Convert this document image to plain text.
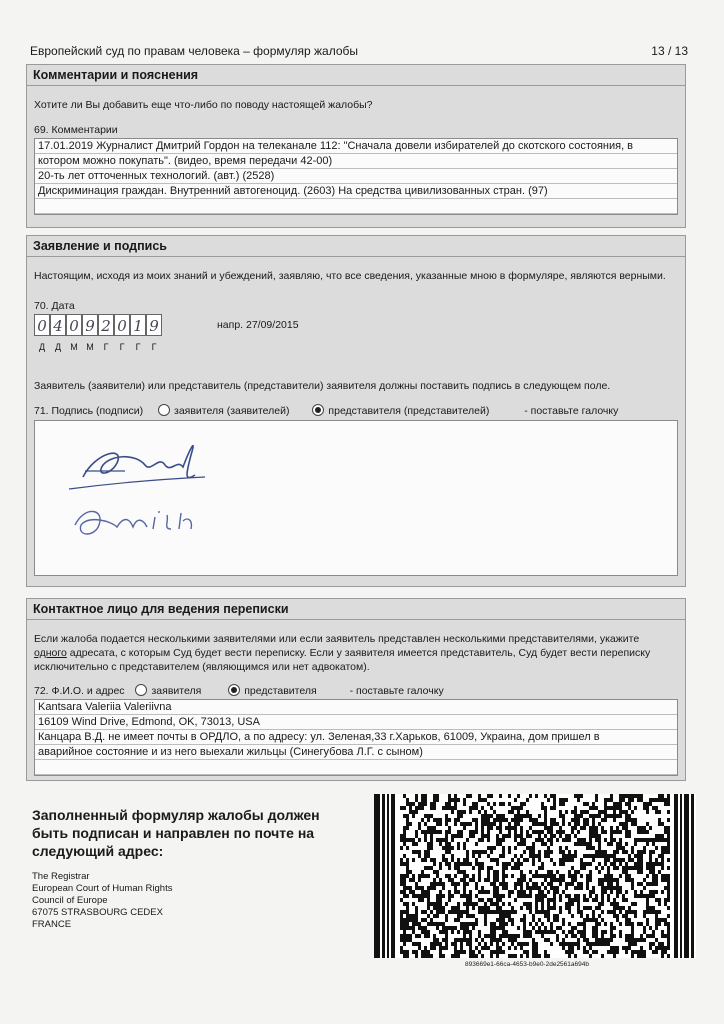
Европейский суд по правам человека – формуляр жалобы	13 / 13
Комментарии и пояснения
Хотите ли Вы добавить еще что-либо по поводу настоящей жалобы?
69. Комментарии
17.01.2019 Журналист Дмитрий Гордон на телеканале 112: "Сначала довели избирателей до скотского состояния, в
котором можно покупать". (видео, время передачи 42-00)
20-ть лет отточенных технологий. (авт.) (2528)
Дискриминация граждан. Внутренний автогеноцид. (2603) На средства цивилизованных стран. (97)
Заявление и подпись
Настоящим, исходя из моих знаний и убеждений, заявляю, что все сведения, указанные мною в формуляре, являются верными.
70. Дата
0 4 0 9 2 0 1 9	напр. 27/09/2015
Д Д М М Г Г Г Г
Заявитель (заявители) или представитель (представители) заявителя должны поставить подпись в следующем поле.
71. Подпись (подписи)	заявителя (заявителей)	представителя (представителей)	- поставьте галочку
Контактное лицо для ведения переписки
Если жалоба подается несколькими заявителями или если заявитель представлен несколькими представителями, укажите
одного адресата, с которым Суд будет вести переписку. Если у заявителя имеется представитель, Суд будет вести переписку
исключительно с представителем (являющимся или нет адвокатом).
72. Ф.И.О. и адрес	заявителя	представителя	- поставьте галочку
Kantsara Valeriia Valeriivna
16109 Wind Drive, Edmond, OK, 73013, USA
Канцара В.Д. не имеет почты в ОРДЛО, а по адресу: ул. Зеленая,33 г.Харьков, 61009, Украина, дом пришел в
аварийное состояние и из него выехали жильцы (Синегубова Л.Г. с сыном)
Заполненный формуляр жалобы должен
быть подписан и направлен по почте на
следующий адрес:
The Registrar
European Court of Human Rights
Council of Europe
67075 STRASBOURG CEDEX
FRANCE
893669e1-66ca-4653-b9e0-2de2561a694b
